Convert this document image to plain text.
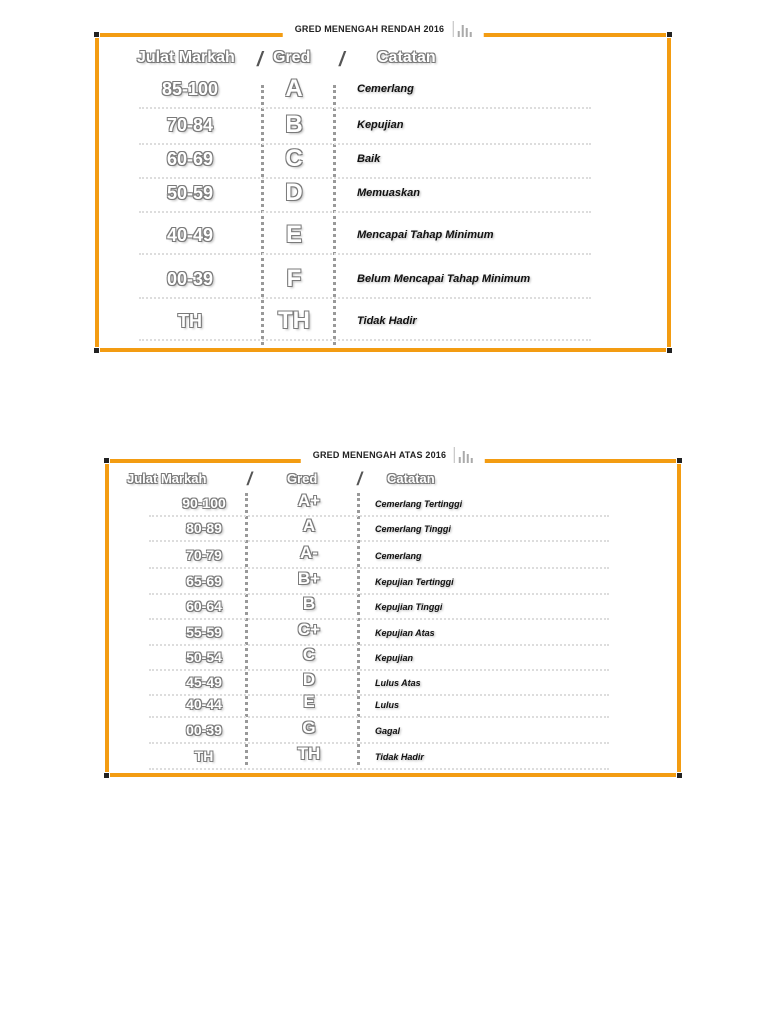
GRED MENENGAH RENDAH 2016
Julat Markah / Gred / Catatan
85-100	A	Cemerlang
70-84	B	Kepujian
60-69	C	Baik
50-59	D	Memuaskan
40-49	E	Mencapai Tahap Minimum
00-39	F	Belum Mencapai Tahap Minimum
TH	TH	Tidak Hadir
GRED MENENGAH ATAS 2016
Julat Markah /	Gred / Catatan
90-100	A+	Cemerlang Tertinggi
80-89	A	Cemerlang Tinggi
70-79	A-	Cemerlang
65-69	B+	Kepujian Tertinggi
60-64	B	Kepujian Tinggi
55-59	C+	Kepujian Atas
50-54	C	Kepujian
45-49	D	Lulus Atas
40-44	E	Lulus
00-39	G	Gagal
TH	TH	Tidak Hadir
